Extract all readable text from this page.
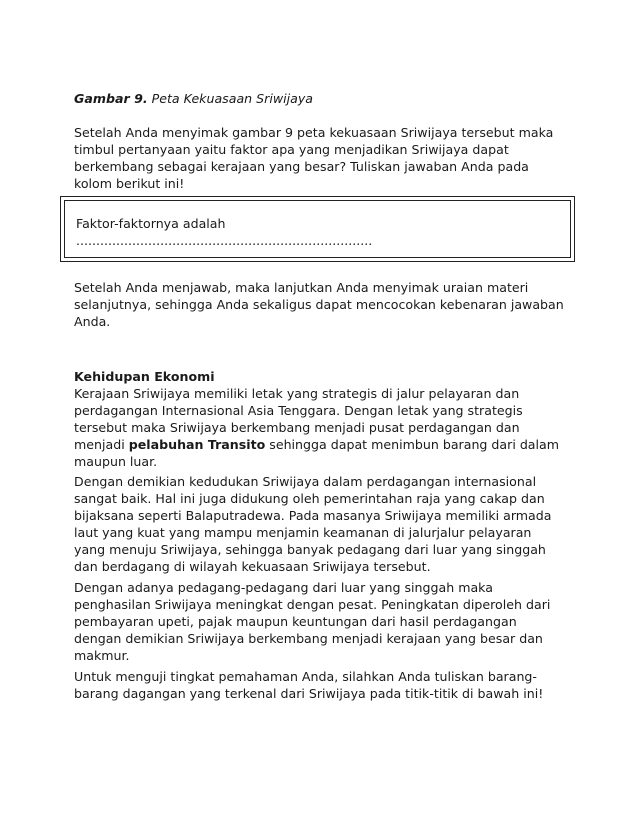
Gambar 9. Peta Kekuasaan Sriwijaya
Setelah Anda menyimak gambar 9 peta kekuasaan Sriwijaya tersebut maka
timbul pertanyaan yaitu faktor apa yang menjadikan Sriwijaya dapat
berkembang sebagai kerajaan yang besar? Tuliskan jawaban Anda pada
kolom berikut ini!
Faktor-faktornya adalah
..........................................................................
Setelah Anda menjawab, maka lanjutkan Anda menyimak uraian materi
selanjutnya, sehingga Anda sekaligus dapat mencocokan kebenaran jawaban
Anda.
Kehidupan Ekonomi
Kerajaan Sriwijaya memiliki letak yang strategis di jalur pelayaran dan
perdagangan Internasional Asia Tenggara. Dengan letak yang strategis
tersebut maka Sriwijaya berkembang menjadi pusat perdagangan dan
menjadi pelabuhan Transito sehingga dapat menimbun barang dari dalam
maupun luar.
Dengan demikian kedudukan Sriwijaya dalam perdagangan internasional
sangat baik. Hal ini juga didukung oleh pemerintahan raja yang cakap dan
bijaksana seperti Balaputradewa. Pada masanya Sriwijaya memiliki armada
laut yang kuat yang mampu menjamin keamanan di jalurjalur pelayaran
yang menuju Sriwijaya, sehingga banyak pedagang dari luar yang singgah
dan berdagang di wilayah kekuasaan Sriwijaya tersebut.
Dengan adanya pedagang-pedagang dari luar yang singgah maka
penghasilan Sriwijaya meningkat dengan pesat. Peningkatan diperoleh dari
pembayaran upeti, pajak maupun keuntungan dari hasil perdagangan
dengan demikian Sriwijaya berkembang menjadi kerajaan yang besar dan
makmur.
Untuk menguji tingkat pemahaman Anda, silahkan Anda tuliskan barang-
barang dagangan yang terkenal dari Sriwijaya pada titik-titik di bawah ini!
